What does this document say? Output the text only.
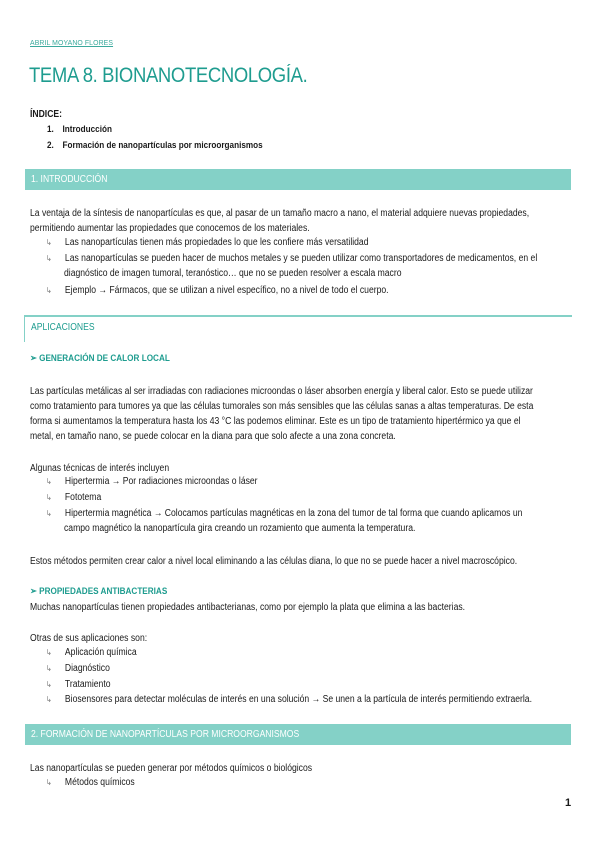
ABRIL MOYANO FLORES
TEMA 8. BIONANOTECNOLOGÍA.
ÍNDICE:
1. Introducción
2. Formación de nanopartículas por microorganismos
1. INTRODUCCIÓN
La ventaja de la síntesis de nanopartículas es que, al pasar de un tamaño macro a nano, el material adquiere nuevas propiedades,
permitiendo aumentar las propiedades que conocemos de los materiales.
↳ Las nanopartículas tienen más propiedades lo que les confiere más versatilidad
↳ Las nanopartículas se pueden hacer de muchos metales y se pueden utilizar como transportadores de medicamentos, en el
diagnóstico de imagen tumoral, teranóstico… que no se pueden resolver a escala macro
↳ Ejemplo → Fármacos, que se utilizan a nivel específico, no a nivel de todo el cuerpo.
APLICACIONES
➢ GENERACIÓN DE CALOR LOCAL
Las partículas metálicas al ser irradiadas con radiaciones microondas o láser absorben energía y liberal calor. Esto se puede utilizar
como tratamiento para tumores ya que las células tumorales son más sensibles que las células sanas a altas temperaturas. De esta
forma si aumentamos la temperatura hasta los 43 °C las podemos eliminar. Este es un tipo de tratamiento hipertérmico ya que el
metal, en tamaño nano, se puede colocar en la diana para que solo afecte a una zona concreta.
Algunas técnicas de interés incluyen
↳ Hipertermia → Por radiaciones microondas o láser
↳ Fototema
↳ Hipertermia magnética → Colocamos partículas magnéticas en la zona del tumor de tal forma que cuando aplicamos un
campo magnético la nanopartícula gira creando un rozamiento que aumenta la temperatura.
Estos métodos permiten crear calor a nivel local eliminando a las células diana, lo que no se puede hacer a nivel macroscópico.
➢ PROPIEDADES ANTIBACTERIAS
Muchas nanopartículas tienen propiedades antibacterianas, como por ejemplo la plata que elimina a las bacterias.
Otras de sus aplicaciones son:
↳ Aplicación química
↳ Diagnóstico
↳ Tratamiento
↳ Biosensores para detectar moléculas de interés en una solución → Se unen a la partícula de interés permitiendo extraerla.
2. FORMACIÓN DE NANOPARTÍCULAS POR MICROORGANISMOS
Las nanopartículas se pueden generar por métodos químicos o biológicos
↳ Métodos químicos
1
